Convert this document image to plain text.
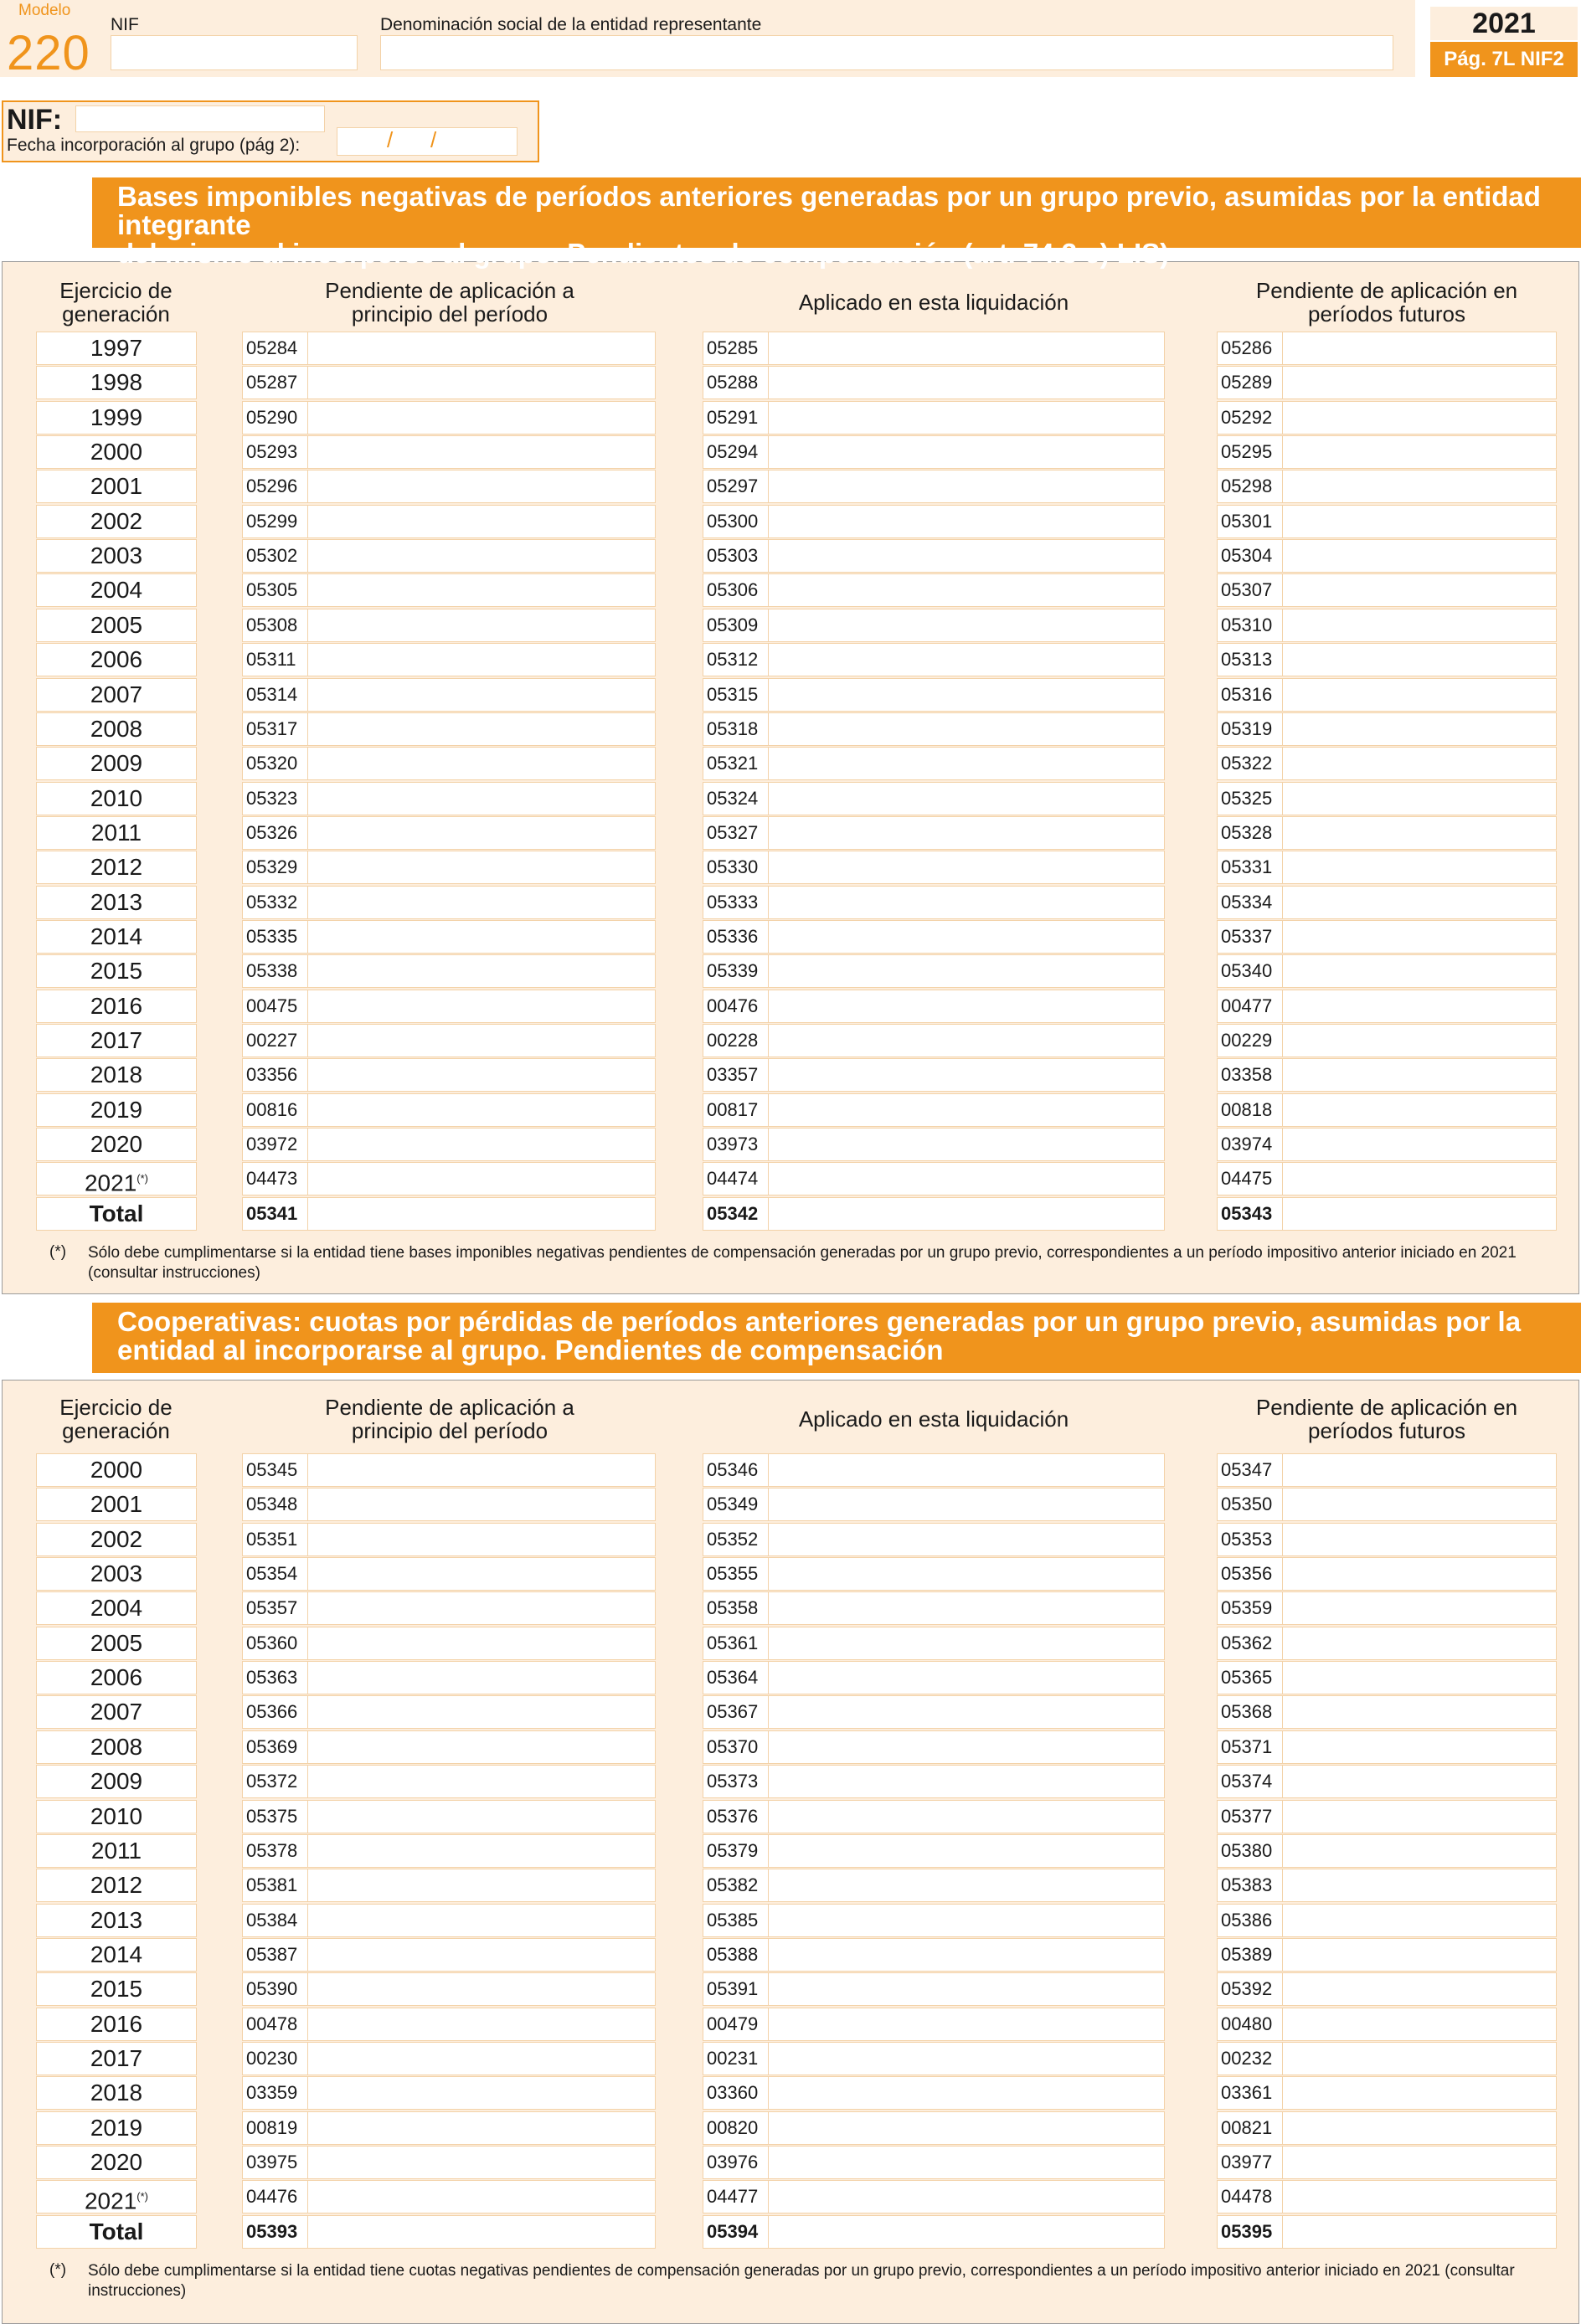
Modelo
220
NIF	Denominación social de la entidad representante	2021
Pág. 7L NIF2
NIF:
Fecha incorporación al grupo (pág 2):	/ /
Ejercicio de
generación
Pendiente de aplicación a
principio del período	Aplicado en esta liquidación	Pendiente de aplicación en
períodos futuros
1997	05284	05285	05286
1998	05287	05288	05289
1999	05290	05291	05292
2000	05293	05294	05295
2001	05296	05297	05298
2002	05299	05300	05301
2003	05302	05303	05304
2004	05305	05306	05307
2005	05308	05309	05310
2006	05311	05312	05313
2007	05314	05315	05316
2008	05317	05318	05319
2009	05320	05321	05322
2010	05323	05324	05325
2011	05326	05327	05328
2012	05329	05330	05331
2013	05332	05333	05334
2014	05335	05336	05337
2015	05338	05339	05340
2016	00475	00476	00477
2017	00227	00228	00229
2018	03356	03357	03358
2019	00816	00817	00818
2020	03972	03973	03974
2021(*)	04473	04474	04475
Total	05341	05342	05343
(*) Sólo debe cumplimentarse si la entidad tiene bases imponibles negativas pendientes de compensación generadas por un grupo previo, correspondientes a un período impositivo anterior iniciado en 2021 (consultar instrucciones)
Bases imponibles negativas de períodos anteriores generadas por un grupo previo, asumidas por la entidad integrante
del mismo al incorporse al grupo. Pendientes de compensación (art. 74.3 e) LIS)
Ejercicio de
generación
Pendiente de aplicación a
principio del período	Aplicado en esta liquidación	Pendiente de aplicación en
períodos futuros
2000	05345	05346	05347
2001	05348	05349	05350
2002	05351	05352	05353
2003	05354	05355	05356
2004	05357	05358	05359
2005	05360	05361	05362
2006	05363	05364	05365
2007	05366	05367	05368
2008	05369	05370	05371
2009	05372	05373	05374
2010	05375	05376	05377
2011	05378	05379	05380
2012	05381	05382	05383
2013	05384	05385	05386
2014	05387	05388	05389
2015	05390	05391	05392
2016	00478	00479	00480
2017	00230	00231	00232
2018	03359	03360	03361
2019	00819	00820	00821
2020	03975	03976	03977
2021(*)	04476	04477	04478
Total	05393	05394	05395
(*) Sólo debe cumplimentarse si la entidad tiene cuotas negativas pendientes de compensación generadas por un grupo previo, correspondientes a un período impositivo anterior iniciado en 2021 (consultar instrucciones)
Cooperativas: cuotas por pérdidas de períodos anteriores generadas por un grupo previo, asumidas por la
entidad al incorporarse al grupo. Pendientes de compensación
